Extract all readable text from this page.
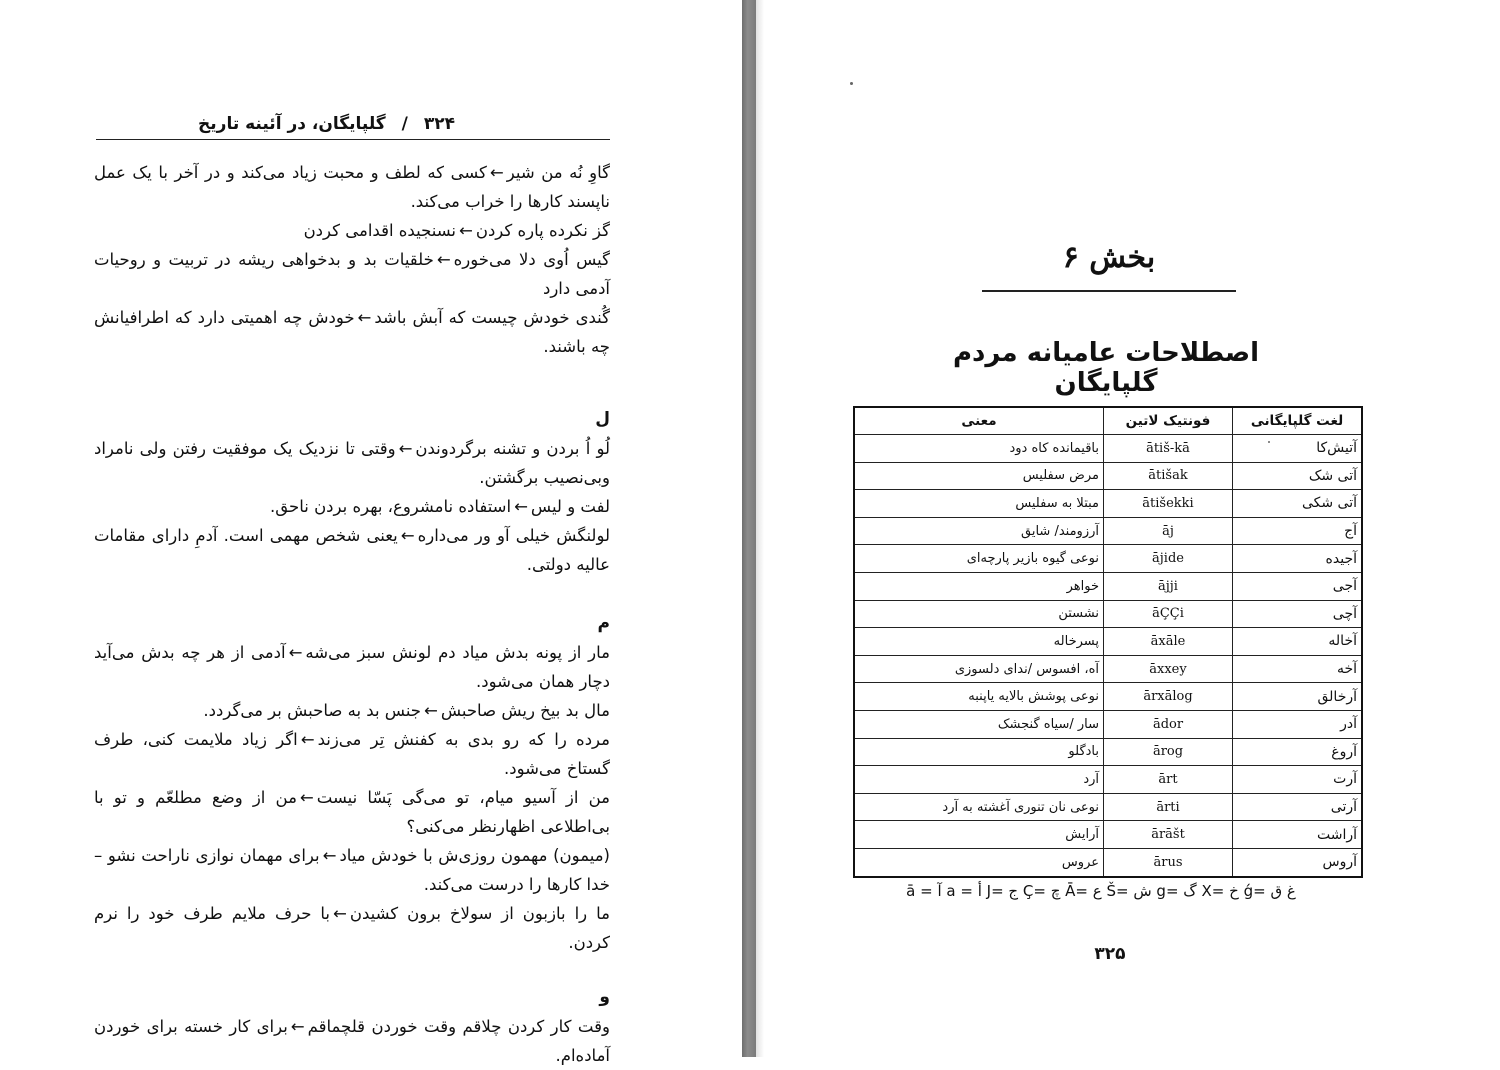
۳۲۴
/
گلپایگان، در آئینه تاریخ

گاوِ نُه من شیر←کسی که لطف و محبت زیاد می‌کند و در آخر با یک عمل ناپسند کارها را خراب می‌کند.

گز نکرده پاره کردن←نسنجیده اقدامی کردن

گیس اُوی دلا می‌خوره←خلقیات بد و بدخواهی ریشه در تربیت و روحیات آدمی دارد

گُندی خودش چیست که آبش باشد←خودش چه اهمیتی دارد که اطرافیانش چه باشند.

ل

لُو اُ بردن و تشنه برگردوندن←وقتی تا نزدیک یک موفقیت رفتن ولی نامراد وبی‌نصیب برگشتن.

لفت و لیس←استفاده نامشروع، بهره بردن ناحق.

لولنگش خیلی آو ور می‌داره←یعنی شخص مهمی است. آدمِ دارای مقامات عالیه دولتی.

م

مار از پونه بدش میاد دم لونش سبز می‌شه←آدمی از هر چه بدش می‌آید دچار همان می‌شود.

مال بد بیخ ریش صاحبش←جنس بد به صاحبش بر می‌گردد.

مرده را که رو بدی به کفنش تِر می‌زند←اگر زیاد ملایمت کنی، طرف گستاخ می‌شود.

من از آسیو میام، تو می‌گی پَسّا نیست←من از وضع مطلعّم و تو با بی‌اطلاعی اظهارنظر می‌کنی؟

(میمون) مهمون روزی‌ش با خودش میاد←برای مهمان نوازی ناراحت نشو – خدا کارها را درست می‌کند.

ما را بازبون از سولاخ برون کشیدن←با حرف ملایم طرف خود را نرم کردن.

و

وقت کار کردن چلاقم وقت خوردن قلچماقم←برای کار خسته برای خوردن آماده‌ام.

بخش ۶
اصطلاحات عامیانه مردم گلپایگان
لغت گلپایگانی	فونتیک لاتین	معنی
آتیش‌کا	ātiš-kā	باقیمانده کاه دود
آتی شک	ātišak	مرض سفلیس
آتی شکی	ātišekki	مبتلا به سفلیس
آج	āj	آرزومند/ شایق
آجیده	ājide	نوعی گیوه بازیر پارچه‌ای
آجی	ājji	خواهر
آچی	āÇÇi	نشستن
آخاله	āxāle	پسرخاله
آخه	āxxey	آه، افسوس /ندای دلسوزی
آرخالق	ārxālog	نوعی پوشش بالایه یاپنبه
آدر	ādor	سار /سیاه گنجشک
آروغ	ārog	بادگلو
آرت	ārt	آرد
آرتی	ārti	نوعی نان تنوری آغشته به آرد
آراشت	ārāšt	آرایش
آروس	ārus	عروس
ā = آ a = أ J= ج Ç= چ Ā= ع Š= ش g= گ X= خ ǵ= غ ق
۳۲۵
